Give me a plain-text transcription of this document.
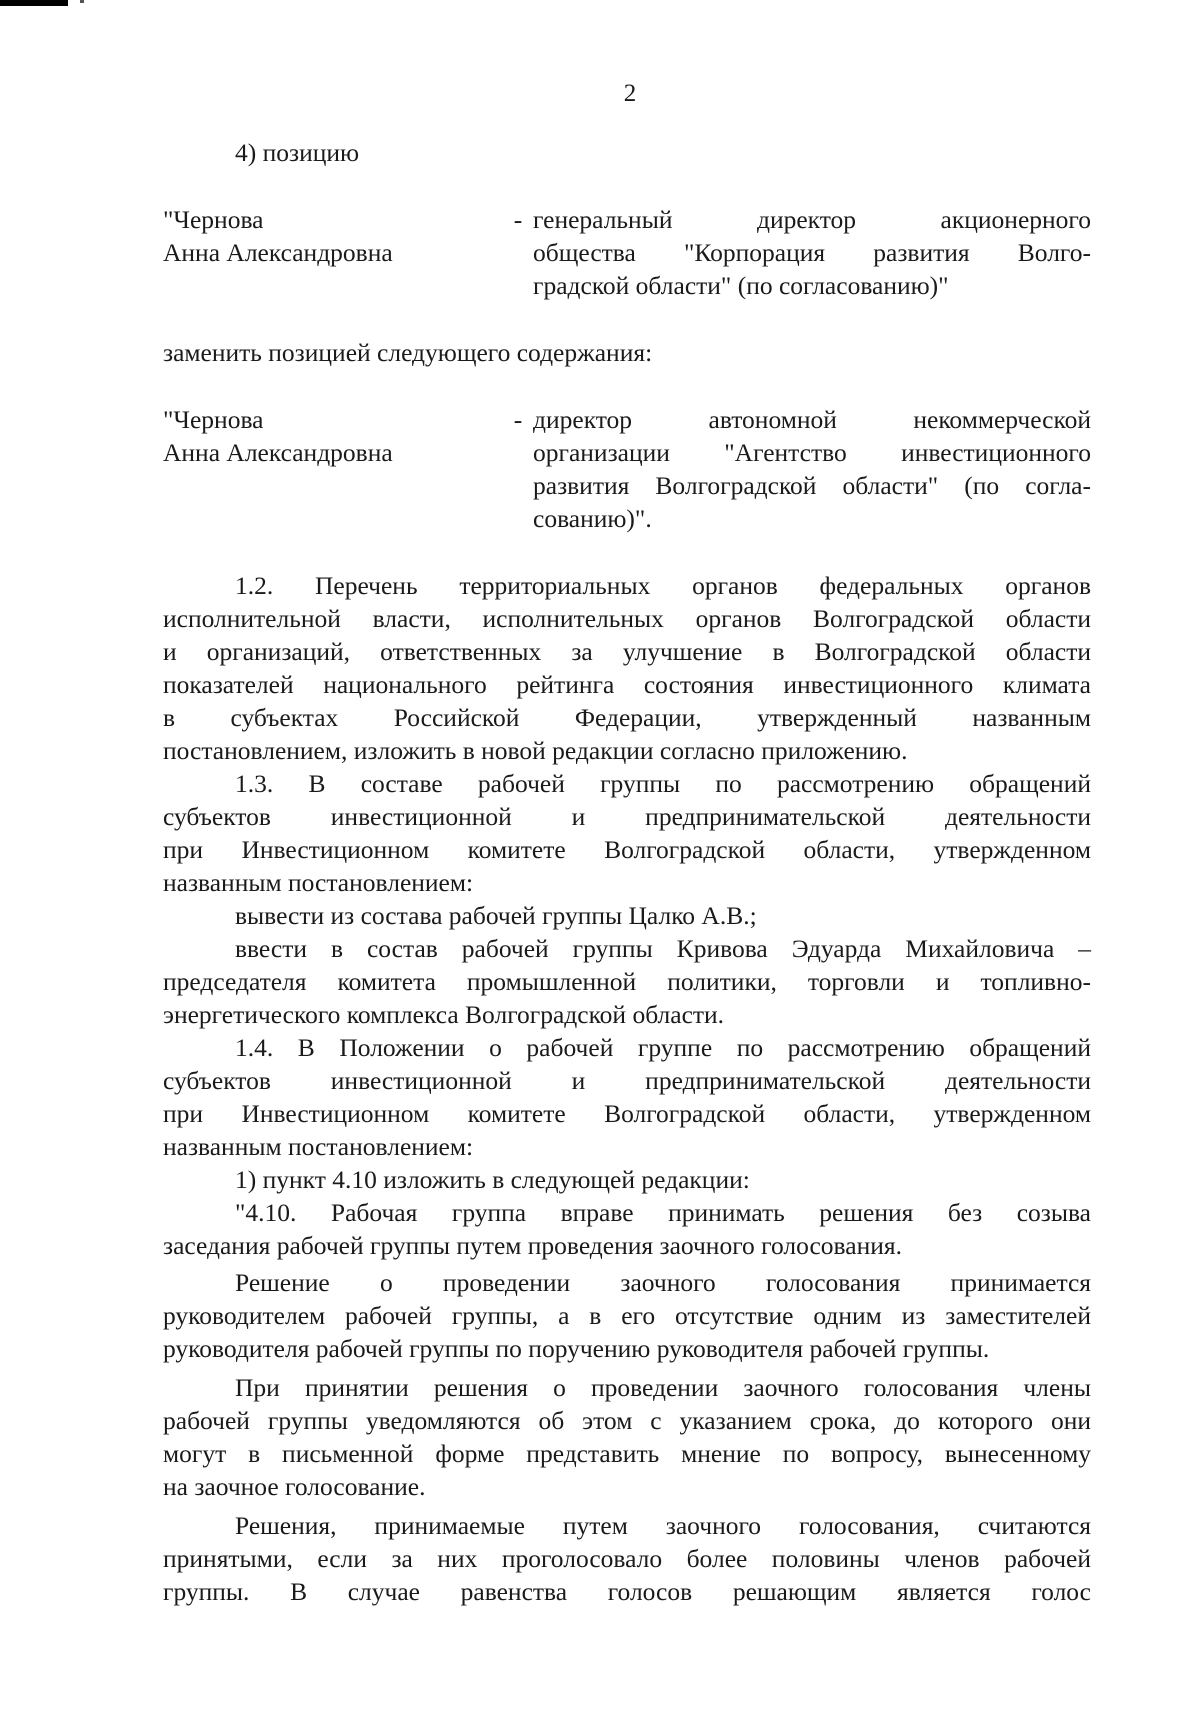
2

4) позицию

"Чернова
Анна Александровна
- генеральный директор акционерного
общества "Корпорация развития Волго-
градской области" (по согласованию)"

заменить позицией следующего содержания:

"Чернова
Анна Александровна
- директор автономной некоммерческой
организации "Агентство инвестиционного
развития Волгоградской области" (по согла-
сованию)".

1.2. Перечень территориальных органов федеральных органов

исполнительной власти, исполнительных органов Волгоградской области

и организаций, ответственных за улучшение в Волгоградской области

показателей национального рейтинга состояния инвестиционного климата

в субъектах Российской Федерации, утвержденный названным

постановлением, изложить в новой редакции согласно приложению.

1.3. В составе рабочей группы по рассмотрению обращений

субъектов инвестиционной и предпринимательской деятельности

при Инвестиционном комитете Волгоградской области, утвержденном

названным постановлением:

вывести из состава рабочей группы Цалко А.В.;

ввести в состав рабочей группы Кривова Эдуарда Михайловича –

председателя комитета промышленной политики, торговли и топливно-

энергетического комплекса Волгоградской области.

1.4. В Положении о рабочей группе по рассмотрению обращений

субъектов инвестиционной и предпринимательской деятельности

при Инвестиционном комитете Волгоградской области, утвержденном

названным постановлением:

1) пункт 4.10 изложить в следующей редакции:

"4.10. Рабочая группа вправе принимать решения без созыва

заседания рабочей группы путем проведения заочного голосования.

Решение о проведении заочного голосования принимается

руководителем рабочей группы, а в его отсутствие одним из заместителей

руководителя рабочей группы по поручению руководителя рабочей группы.

При принятии решения о проведении заочного голосования члены

рабочей группы уведомляются об этом с указанием срока, до которого они

могут в письменной форме представить мнение по вопросу, вынесенному

на заочное голосование.

Решения, принимаемые путем заочного голосования, считаются

принятыми, если за них проголосовало более половины членов рабочей

группы. В случае равенства голосов решающим является голос
